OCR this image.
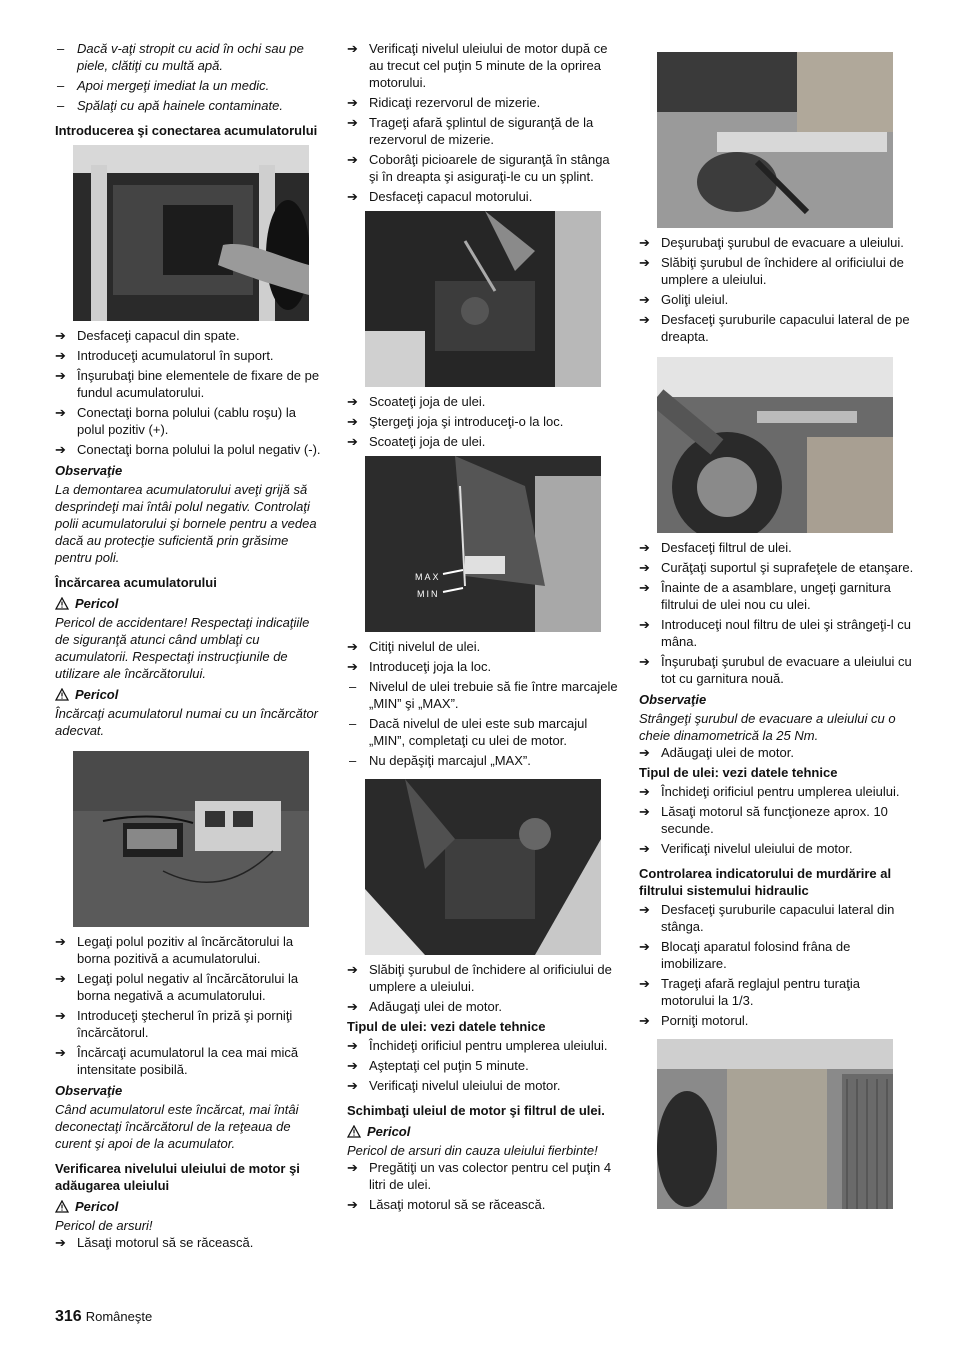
– Dacă v-aţi stropit cu acid în ochi sau pe piele, clătiţi cu multă apă.
– Apoi mergeţi imediat la un medic.
– Spălaţi cu apă hainele contaminate.
Introducerea şi conectarea acumulatorului
➔ Desfaceţi capacul din spate.
➔ Introduceţi acumulatorul în suport.
➔ Înşurubaţi bine elementele de fixare de pe fundul acumulatorului.
➔ Conectaţi borna polului (cablu roşu) la polul pozitiv (+).
➔ Conectaţi borna polului la polul negativ (-).
Observaţie
La demontarea acumulatorului aveţi grijă să desprindeţi mai întâi polul negativ. Controlaţi polii acumulatorului şi bornele pentru a vedea dacă au protecţie suficientă prin grăsime pentru poli.
Încărcarea acumulatorului
Pericol
Pericol de accidentare! Respectaţi indicaţiile de siguranţă atunci când umblaţi cu acumulatorii. Respectaţi instrucţiunile de utilizare ale încărcătorului.
Pericol
Încărcaţi acumulatorul numai cu un încărcător adecvat.
➔ Legaţi polul pozitiv al încărcătorului la borna pozitivă a acumulatorului.
➔ Legaţi polul negativ al încărcătorului la borna negativă a acumulatorului.
➔ Introduceţi ştecherul în priză şi porniţi încărcătorul.
➔ Încărcaţi acumulatorul la cea mai mică intensitate posibilă.
Observaţie
Când acumulatorul este încărcat, mai întâi deconectaţi încărcătorul de la reţeaua de curent şi apoi de la acumulator.
Verificarea nivelului uleiului de motor şi adăugarea uleiului
Pericol
Pericol de arsuri!
➔ Lăsaţi motorul să se răcească.
➔ Verificaţi nivelul uleiului de motor după ce au trecut cel puţin 5 minute de la oprirea motorului.
➔ Ridicaţi rezervorul de mizerie.
➔ Trageţi afară şplintul de siguranţă de la rezervorul de mizerie.
➔ Coborâţi picioarele de siguranţă în stânga şi în dreapta şi asiguraţi-le cu un şplint.
➔ Desfaceţi capacul motorului.
➔ Scoateţi joja de ulei.
➔ Ştergeţi joja şi introduceţi-o la loc.
➔ Scoateţi joja de ulei.
MAX
MIN
➔ Citiţi nivelul de ulei.
➔ Introduceţi joja la loc.
– Nivelul de ulei trebuie să fie între marcajele „MIN” şi „MAX”.
– Dacă nivelul de ulei este sub marcajul „MIN”, completaţi cu ulei de motor.
– Nu depăşiţi marcajul „MAX”.
➔ Slăbiţi şurubul de închidere al orificiului de umplere a uleiului.
➔ Adăugaţi ulei de motor.
Tipul de ulei: vezi datele tehnice
➔ Închideţi orificiul pentru umplerea uleiului.
➔ Aşteptaţi cel puţin 5 minute.
➔ Verificaţi nivelul uleiului de motor.
Schimbaţi uleiul de motor şi filtrul de ulei.
Pericol
Pericol de arsuri din cauza uleiului fierbinte!
➔ Pregătiţi un vas colector pentru cel puţin 4 litri de ulei.
➔ Lăsaţi motorul să se răcească.
➔ Deşurubaţi şurubul de evacuare a uleiului.
➔ Slăbiţi şurubul de închidere al orificiului de umplere a uleiului.
➔ Goliţi uleiul.
➔ Desfaceţi şuruburile capacului lateral de pe dreapta.
➔ Desfaceţi filtrul de ulei.
➔ Curăţaţi suportul şi suprafeţele de etanşare.
➔ Înainte de a asamblare, ungeţi garnitura filtrului de ulei nou cu ulei.
➔ Introduceţi noul filtru de ulei şi strângeţi-l cu mâna.
➔ Înşurubaţi şurubul de evacuare a uleiului cu tot cu garnitura nouă.
Observaţie
Strângeţi şurubul de evacuare a uleiului cu o cheie dinamometrică la 25 Nm.
➔ Adăugaţi ulei de motor.
Tipul de ulei: vezi datele tehnice
➔ Închideţi orificiul pentru umplerea uleiului.
➔ Lăsaţi motorul să funcţioneze aprox. 10 secunde.
➔ Verificaţi nivelul uleiului de motor.
Controlarea indicatorului de murdărire al filtrului sistemului hidraulic
➔ Desfaceţi şuruburile capacului lateral din stânga.
➔ Blocaţi aparatul folosind frâna de imobilizare.
➔ Trageţi afară reglajul pentru turaţia motorului la 1/3.
➔ Porniţi motorul.
316 Româneşte
